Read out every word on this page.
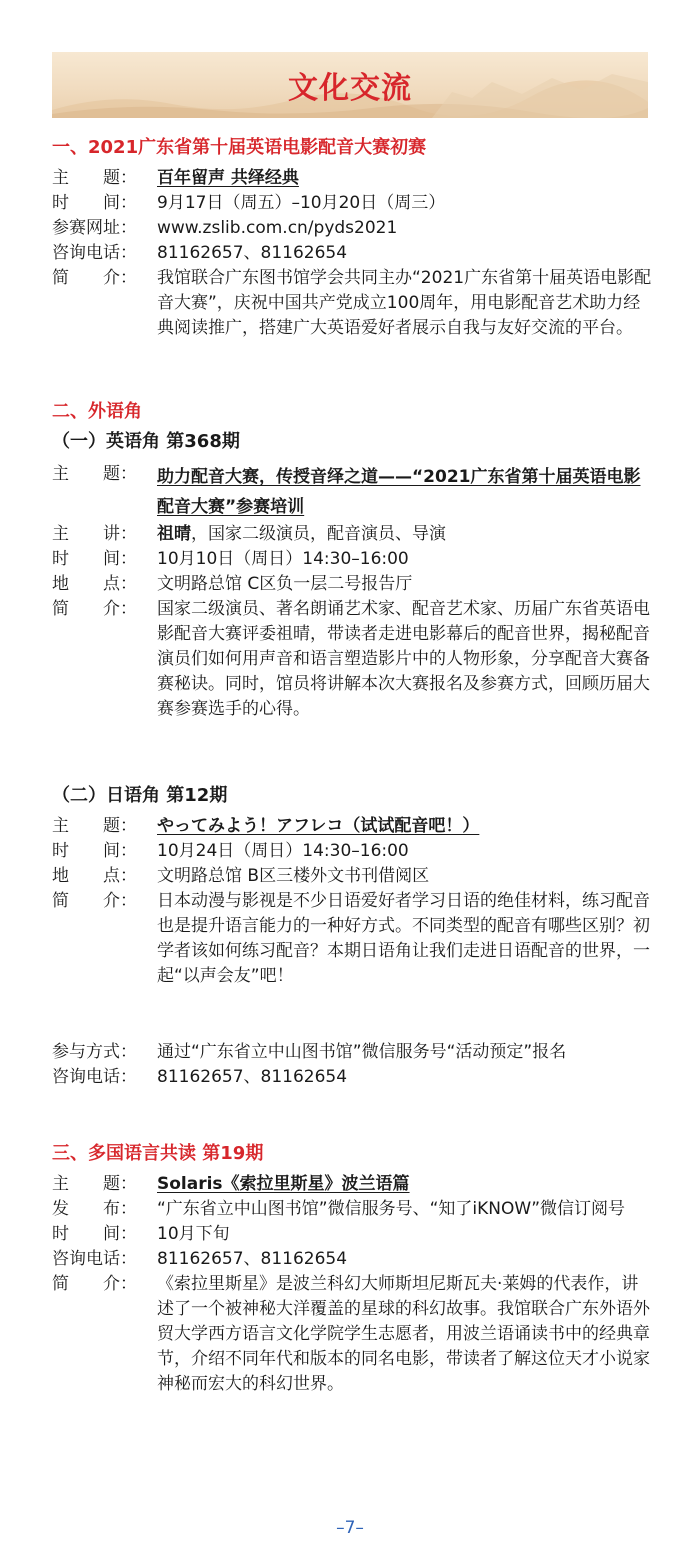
文化交流

一、2021广东省第十届英语电影配音大赛初赛

主　　题：	百年留声 共绎经典
时　　间：	9月17日（周五）–10月20日（周三）
参赛网址：	www.zslib.com.cn/pyds2021
咨询电话：	81162657、81162654
简　　介：	我馆联合广东图书馆学会共同主办“2021广东省第十届英语电影配音大赛”，庆祝中国共产党成立100周年，用电影配音艺术助力经典阅读推广，搭建广大英语爱好者展示自我与友好交流的平台。

二、外语角

（一）英语角 第368期

主　　题：	助力配音大赛，传授音绎之道——“2021广东省第十届英语电影配音大赛”参赛培训
主　　讲：	祖晴，国家二级演员，配音演员、导演
时　　间：	10月10日（周日）14:30–16:00
地　　点：	文明路总馆 C区负一层二号报告厅
简　　介：	国家二级演员、著名朗诵艺术家、配音艺术家、历届广东省英语电影配音大赛评委祖晴，带读者走进电影幕后的配音世界，揭秘配音演员们如何用声音和语言塑造影片中的人物形象，分享配音大赛备赛秘诀。同时，馆员将讲解本次大赛报名及参赛方式，回顾历届大赛参赛选手的心得。

（二）日语角 第12期

主　　题：	やってみよう！アフレコ（试试配音吧！）
时　　间：	10月24日（周日）14:30–16:00
地　　点：	文明路总馆 B区三楼外文书刊借阅区
简　　介：	日本动漫与影视是不少日语爱好者学习日语的绝佳材料，练习配音也是提升语言能力的一种好方式。不同类型的配音有哪些区别？初学者该如何练习配音？本期日语角让我们走进日语配音的世界，一起“以声会友”吧！
参与方式：	通过“广东省立中山图书馆”微信服务号“活动预定”报名
咨询电话：	81162657、81162654

三、多国语言共读 第19期

主　　题：	Solaris《索拉里斯星》波兰语篇
发　　布：	“广东省立中山图书馆”微信服务号、“知了iKNOW”微信订阅号
时　　间：	10月下旬
咨询电话：	81162657、81162654
简　　介：	《索拉里斯星》是波兰科幻大师斯坦尼斯瓦夫·莱姆的代表作，讲述了一个被神秘大洋覆盖的星球的科幻故事。我馆联合广东外语外贸大学西方语言文化学院学生志愿者，用波兰语诵读书中的经典章节，介绍不同年代和版本的同名电影，带读者了解这位天才小说家神秘而宏大的科幻世界。
–7–
